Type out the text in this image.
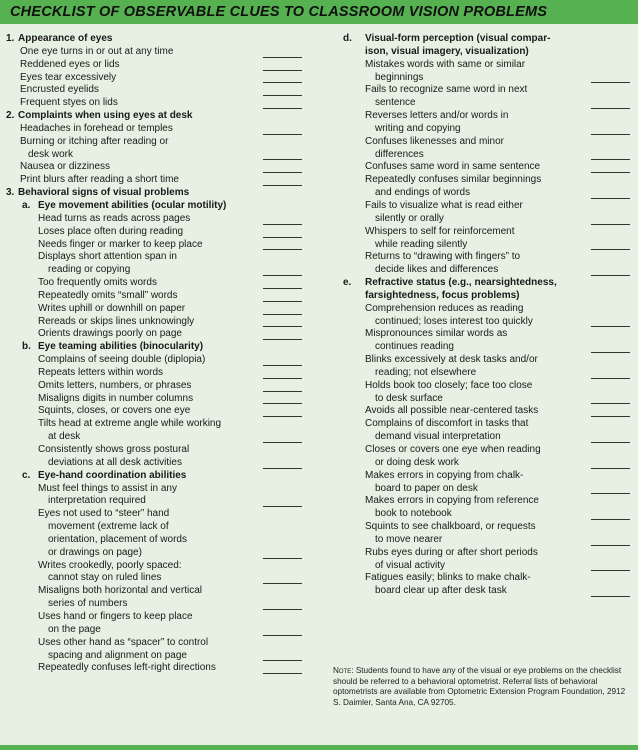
CHECKLIST OF OBSERVABLE CLUES TO CLASSROOM VISION PROBLEMS
1. Appearance of eyes
One eye turns in or out at any time
Reddened eyes or lids
Eyes tear excessively
Encrusted eyelids
Frequent styes on lids
2. Complaints when using eyes at desk
Headaches in forehead or temples
Burning or itching after reading or
desk work
Nausea or dizziness
Print blurs after reading a short time
3. Behavioral signs of visual problems
a. Eye movement abilities (ocular motility)
Head turns as reads across pages
Loses place often during reading
Needs finger or marker to keep place
Displays short attention span in
reading or copying
Too frequently omits words
Repeatedly omits “small” words
Writes uphill or downhill on paper
Rereads or skips lines unknowingly
Orients drawings poorly on page
b. Eye teaming abilities (binocularity)
Complains of seeing double (diplopia)
Repeats letters within words
Omits letters, numbers, or phrases
Misaligns digits in number columns
Squints, closes, or covers one eye
Tilts head at extreme angle while working
at desk
Consistently shows gross postural
deviations at all desk activities
c. Eye-hand coordination abilities
Must feel things to assist in any
interpretation required
Eyes not used to “steer” hand
movement (extreme lack of
orientation, placement of words
or drawings on page)
Writes crookedly, poorly spaced:
cannot stay on ruled lines
Misaligns both horizontal and vertical
series of numbers
Uses hand or fingers to keep place
on the page
Uses other hand as “spacer” to control
spacing and alignment on page
Repeatedly confuses left-right directions
d. Visual-form perception (visual compar-
ison, visual imagery, visualization)
Mistakes words with same or similar
beginnings
Fails to recognize same word in next
sentence
Reverses letters and/or words in
writing and copying
Confuses likenesses and minor
differences
Confuses same word in same sentence
Repeatedly confuses similar beginnings
and endings of words
Fails to visualize what is read either
silently or orally
Whispers to self for reinforcement
while reading silently
Returns to “drawing with fingers” to
decide likes and differences
e. Refractive status (e.g., nearsightedness,
farsightedness, focus problems)
Comprehension reduces as reading
continued; loses interest too quickly
Mispronounces similar words as
continues reading
Blinks excessively at desk tasks and/or
reading; not elsewhere
Holds book too closely; face too close
to desk surface
Avoids all possible near-centered tasks
Complains of discomfort in tasks that
demand visual interpretation
Closes or covers one eye when reading
or doing desk work
Makes errors in copying from chalk-
board to paper on desk
Makes errors in copying from reference
book to notebook
Squints to see chalkboard, or requests
to move nearer
Rubs eyes during or after short periods
of visual activity
Fatigues easily; blinks to make chalk-
board clear up after desk task
Note: Students found to have any of the visual or eye problems on the checklist should be referred to a behavioral optometrist. Referral lists of behavioral optometrists are available from Optometric Extension Program Foundation, 2912 S. Daimler, Santa Ana, CA 92705.
